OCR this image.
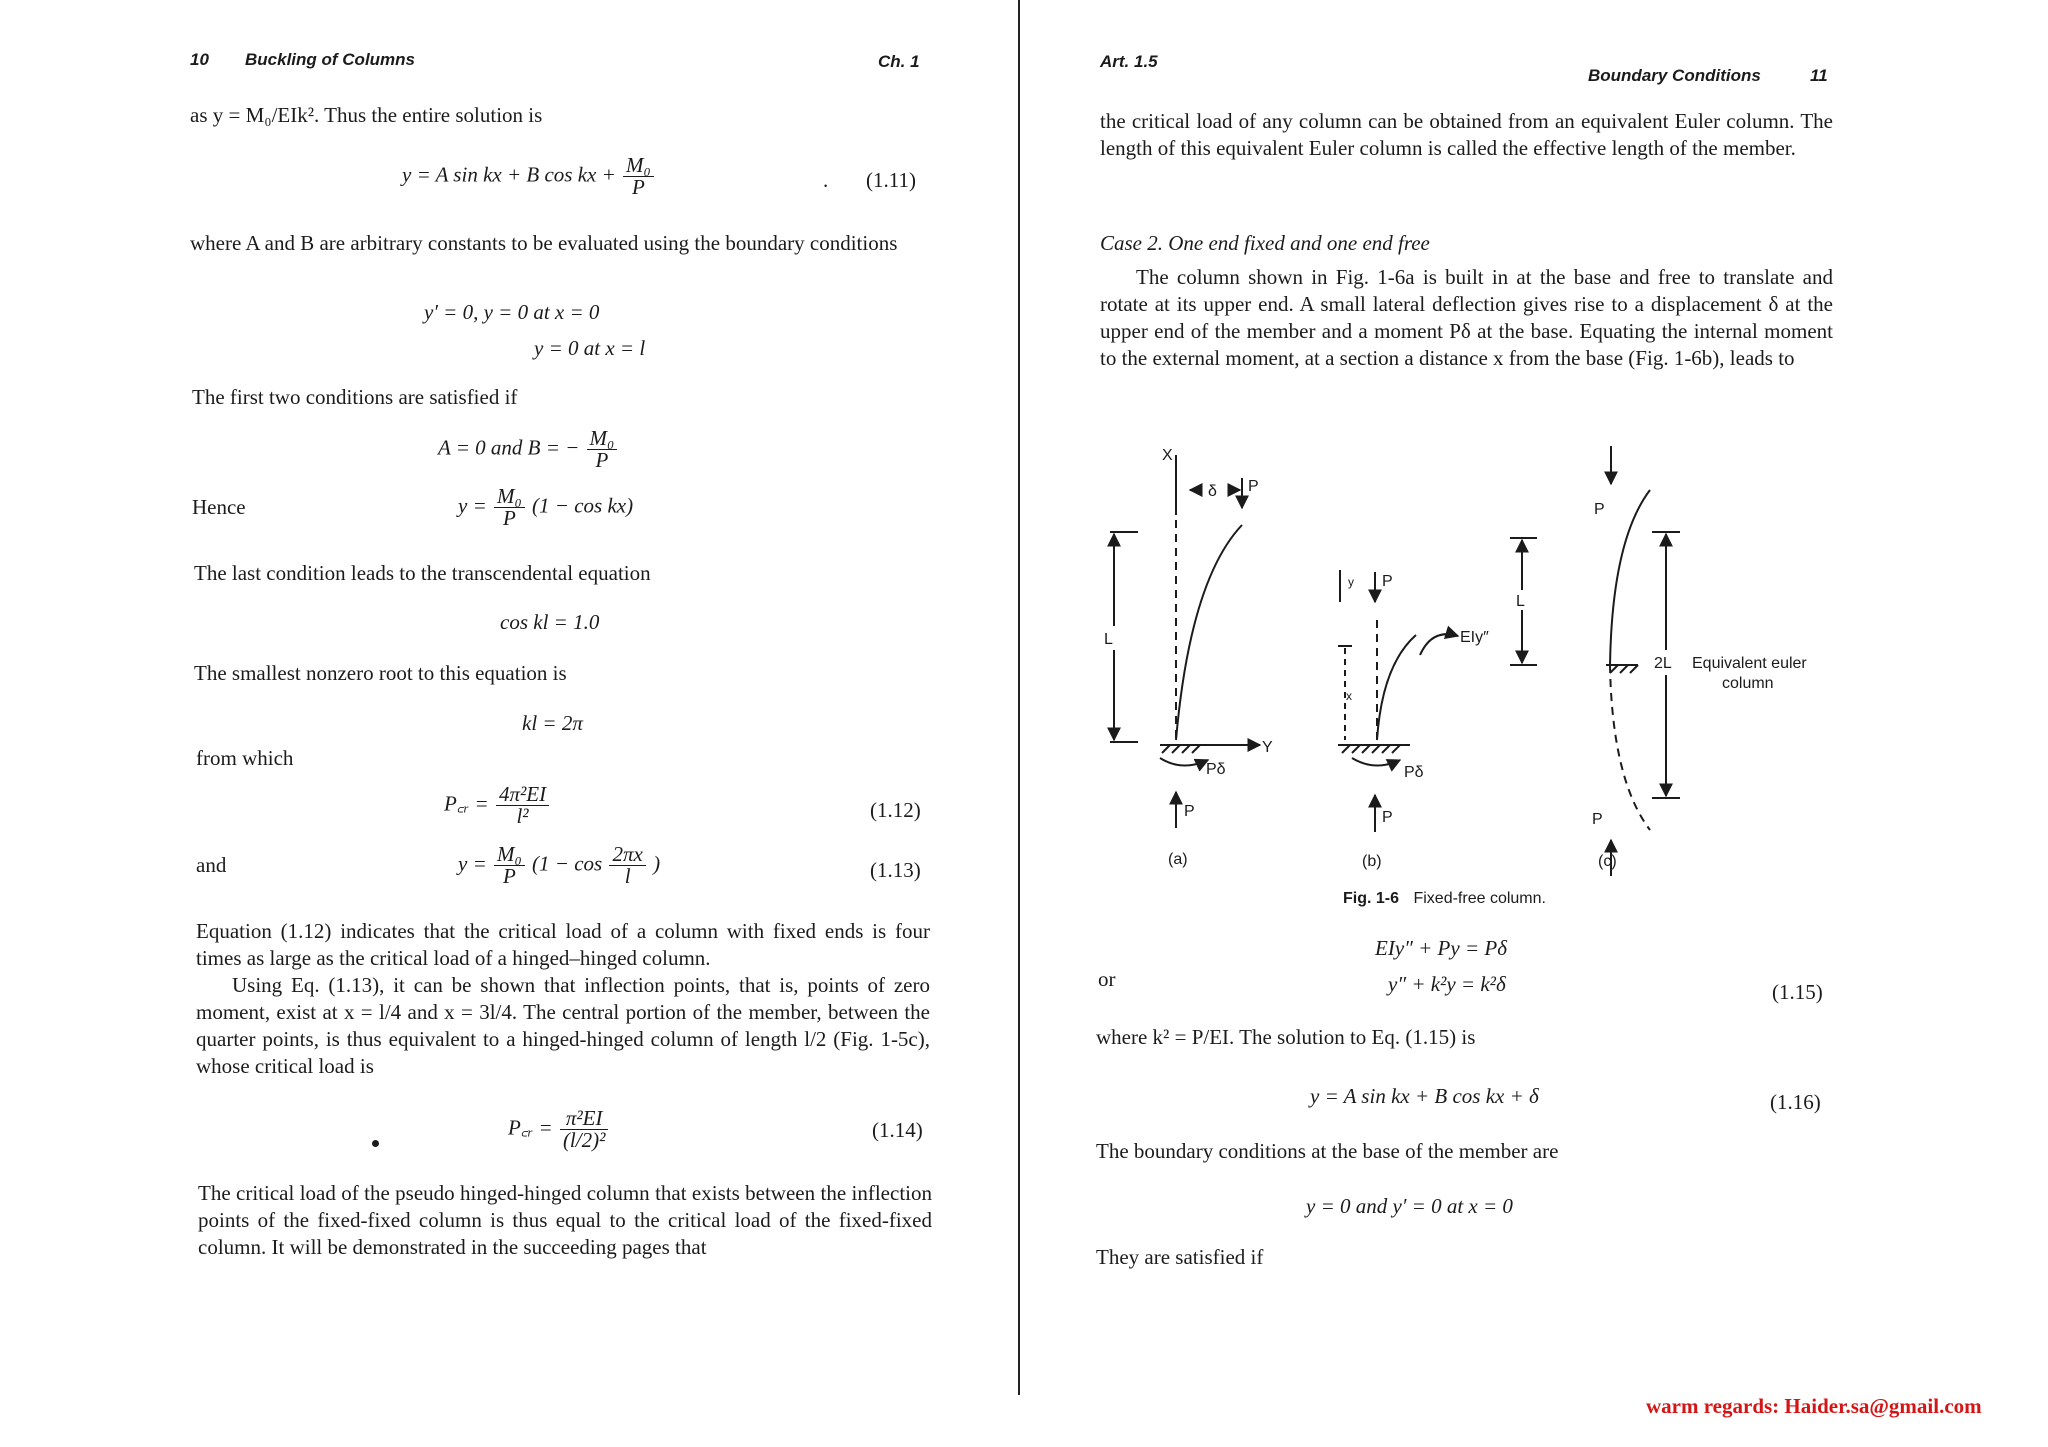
10 Buckling of Columns	Ch. 1
as y = M₀/EIk². Thus the entire solution is
y = A sin kx + B cos kx + $\frac{\text{M₀}}{P}$	. (1.11)
where A and B are arbitrary constants to be evaluated using the boundary conditions
y′ = 0, y = 0 at x = 0
y = 0 at x = l
The first two conditions are satisfied if
A = 0 and B = − $\frac{\text{M₀}}{P}$
Hence	$y = \frac{\text{M₀}}{P} (1 - \cos kx)$
The last condition leads to the transcendental equation
cos kl = 1.0
The smallest nonzero root to this equation is
kl = 2π
from which
P꜀ᵣ = $\frac{\text{4π²EI}}{\text{l²}}$	(1.12)
and	$y = \frac{\text{M₀}}{P} (1 - \cos \frac{2\pi x}{l}$ )	(1.13)
Equation (1.12) indicates that the critical load of a column with fixed ends is four times as large as the critical load of a hinged–hinged column.
Using Eq. (1.13), it can be shown that inflection points, that is, points of zero moment, exist at x = l/4 and x = 3l/4. The central portion of the member, between the quarter points, is thus equivalent to a hinged-hinged column of length l/2 (Fig. 1-5c), whose critical load is
P꜀ᵣ = $\frac{\text{π²EI}}{\text{(l/2)²}}$	(1.14)
The critical load of the pseudo hinged-hinged column that exists between the inflection points of the fixed-fixed column is thus equal to the critical load of the fixed-fixed column. It will be demonstrated in the succeeding pages that
Art. 1.5
Boundary Conditions	11
the critical load of any column can be obtained from an equivalent Euler column. The length of this equivalent Euler column is called the effective length of the member.
Case 2. One end fixed and one end free
The column shown in Fig. 1-6a is built in at the base and free to translate and rotate at its upper end. A small lateral deflection gives rise to a displacement δ at the upper end of the member and a moment Pδ at the base. Equating the internal moment to the external moment, at a section a distance x from the base (Fig. 1-6b), leads to
X
δ P
L
Y
Pδ
P
(a)
y P
EIy″
x
Pδ
P
(b)
P
L
2L Equivalent euler
column
P
(c)
Fig. 1-6 Fixed-free column.
EIy″ + Py = Pδ
or	y″ + k²y = k²δ	(1.15)
where k² = P/EI. The solution to Eq. (1.15) is
y = A sin kx + B cos kx + δ	(1.16)
The boundary conditions at the base of the member are
y = 0 and y′ = 0 at x = 0
They are satisfied if
warm regards: Haider.sa@gmail.com
